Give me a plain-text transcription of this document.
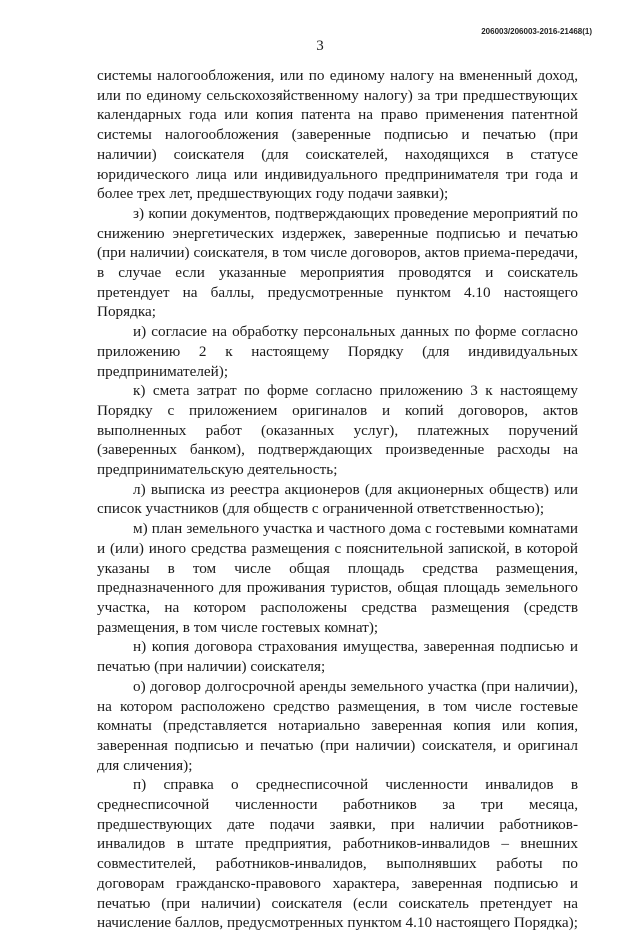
206003/206003-2016-21468(1)
3

системы налогообложения, или по единому налогу на вмененный доход, или по единому сельскохозяйственному налогу) за три предшествующих календарных года или копия патента на право применения патентной системы налогообложения (заверенные подписью и печатью (при наличии) соискателя (для соискателей, находящихся в статусе юридического лица или индивидуального предпринимателя три года и более трех лет, предшествующих году подачи заявки);

з) копии документов, подтверждающих проведение мероприятий по снижению энергетических издержек, заверенные подписью и печатью (при наличии) соискателя, в том числе договоров, актов приема-передачи, в случае если указанные мероприятия проводятся и соискатель претендует на баллы, предусмотренные пунктом 4.10 настоящего Порядка;

и) согласие на обработку персональных данных по форме согласно приложению 2 к настоящему Порядку (для индивидуальных предпринимателей);

к) смета затрат по форме согласно приложению 3 к настоящему Порядку с приложением оригиналов и копий договоров, актов выполненных работ (оказанных услуг), платежных поручений (заверенных банком), подтверждающих произведенные расходы на предпринимательскую деятельность;

л) выписка из реестра акционеров (для акционерных обществ) или список участников (для обществ с ограниченной ответственностью);

м) план земельного участка и частного дома с гостевыми комнатами и (или) иного средства размещения с пояснительной запиской, в которой указаны в том числе общая площадь средства размещения, предназначенного для проживания туристов, общая площадь земельного участка, на котором расположены средства размещения (средств размещения, в том числе гостевых комнат);

н) копия договора страхования имущества, заверенная подписью и печатью (при наличии) соискателя;

о) договор долгосрочной аренды земельного участка (при наличии), на котором расположено средство размещения, в том числе гостевые комнаты (представляется нотариально заверенная копия или копия, заверенная подписью и печатью (при наличии) соискателя, и оригинал для сличения);

п) справка о среднесписочной численности инвалидов в среднесписочной численности работников за три месяца, предшествующих дате подачи заявки, при наличии работников-инвалидов в штате предприятия, работников-инвалидов – внешних совместителей, работников-инвалидов, выполнявших работы по договорам гражданско-правового характера, заверенная подписью и печатью (при наличии) соискателя (если соискатель претендует на начисление баллов, предусмотренных пунктом 4.10 настоящего Порядка);
